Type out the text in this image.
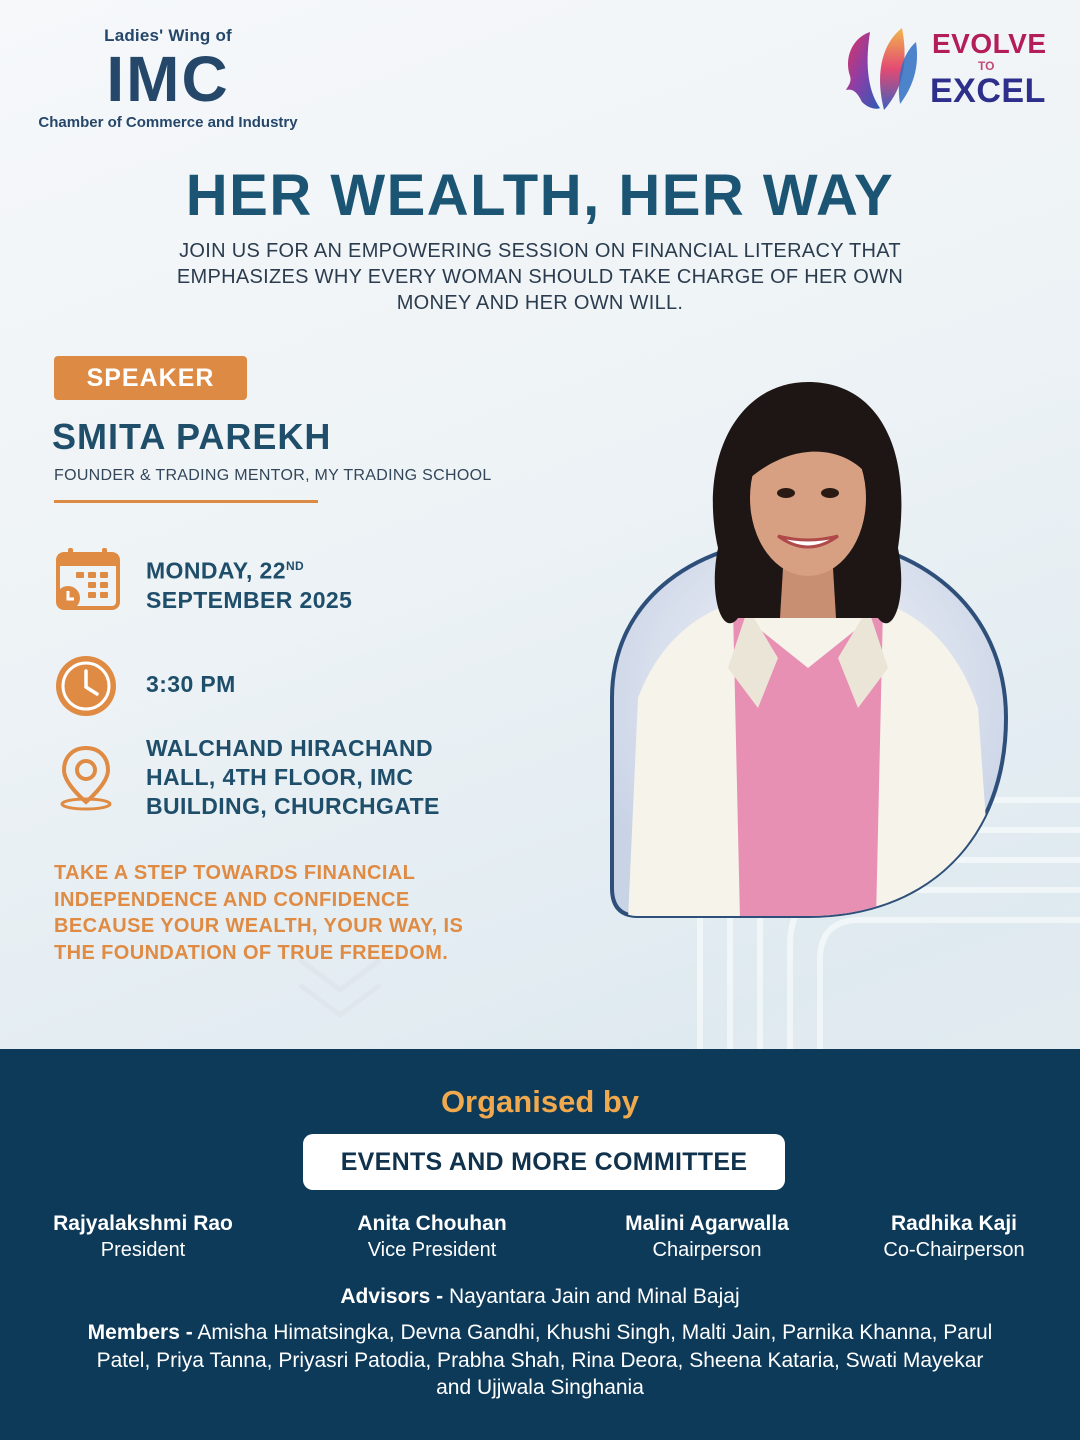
Ladies' Wing of
IMC
Chamber of Commerce and Industry
EVOLVE
TO
EXCEL
HER WEALTH, HER WAY
JOIN US FOR AN EMPOWERING SESSION ON FINANCIAL LITERACY THAT EMPHASIZES WHY EVERY WOMAN SHOULD TAKE CHARGE OF HER OWN MONEY AND HER OWN WILL.
SPEAKER
SMITA PAREKH
FOUNDER & TRADING MENTOR, MY TRADING SCHOOL
MONDAY, 22ND
SEPTEMBER 2025
3:30 PM
WALCHAND HIRACHAND
HALL, 4TH FLOOR, IMC
BUILDING, CHURCHGATE
TAKE A STEP TOWARDS FINANCIAL INDEPENDENCE AND CONFIDENCE BECAUSE YOUR WEALTH, YOUR WAY, IS THE FOUNDATION OF TRUE FREEDOM.
Organised by
EVENTS AND MORE COMMITTEE
Rajyalakshmi Rao
President
Anita Chouhan
Vice President
Malini Agarwalla
Chairperson
Radhika Kaji
Co-Chairperson
Advisors - Nayantara Jain and Minal Bajaj
Members - Amisha Himatsingka, Devna Gandhi, Khushi Singh, Malti Jain, Parnika Khanna, Parul Patel, Priya Tanna, Priyasri Patodia, Prabha Shah, Rina Deora, Sheena Kataria, Swati Mayekar and Ujjwala Singhania
